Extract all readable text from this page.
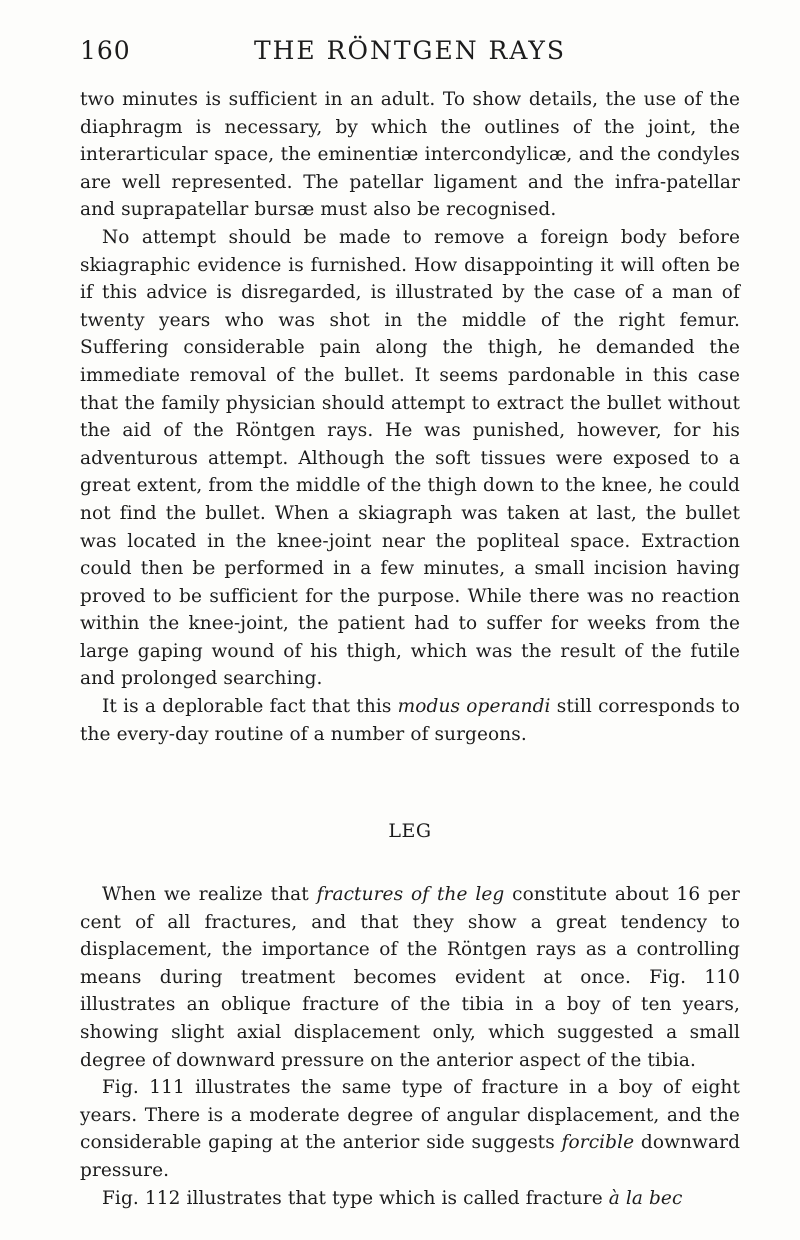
160	THE RÖNTGEN RAYS

two minutes is sufficient in an adult. To show details, the use of the diaphragm is necessary, by which the outlines of the joint, the interarticular space, the eminentiæ intercondylicæ, and the condyles are well represented. The patellar ligament and the infra-patellar and suprapatellar bursæ must also be recognised.

No attempt should be made to remove a foreign body before skiagraphic evidence is furnished. How disappointing it will often be if this advice is disregarded, is illustrated by the case of a man of twenty years who was shot in the middle of the right femur. Suffering considerable pain along the thigh, he demanded the immediate removal of the bullet. It seems pardonable in this case that the family physician should attempt to extract the bullet without the aid of the Röntgen rays. He was punished, however, for his adventurous attempt. Although the soft tissues were exposed to a great extent, from the middle of the thigh down to the knee, he could not find the bullet. When a skiagraph was taken at last, the bullet was located in the knee-joint near the popliteal space. Extraction could then be performed in a few minutes, a small incision having proved to be sufficient for the purpose. While there was no reaction within the knee-joint, the patient had to suffer for weeks from the large gaping wound of his thigh, which was the result of the futile and prolonged searching.

It is a deplorable fact that this modus operandi still corresponds to the every-day routine of a number of surgeons.

LEG

When we realize that fractures of the leg constitute about 16 per cent of all fractures, and that they show a great tendency to displacement, the importance of the Röntgen rays as a controlling means during treatment becomes evident at once. Fig. 110 illustrates an oblique fracture of the tibia in a boy of ten years, showing slight axial displacement only, which suggested a small degree of downward pressure on the anterior aspect of the tibia.

Fig. 111 illustrates the same type of fracture in a boy of eight years. There is a moderate degree of angular displacement, and the considerable gaping at the anterior side suggests forcible downward pressure.

Fig. 112 illustrates that type which is called fracture à la bec
